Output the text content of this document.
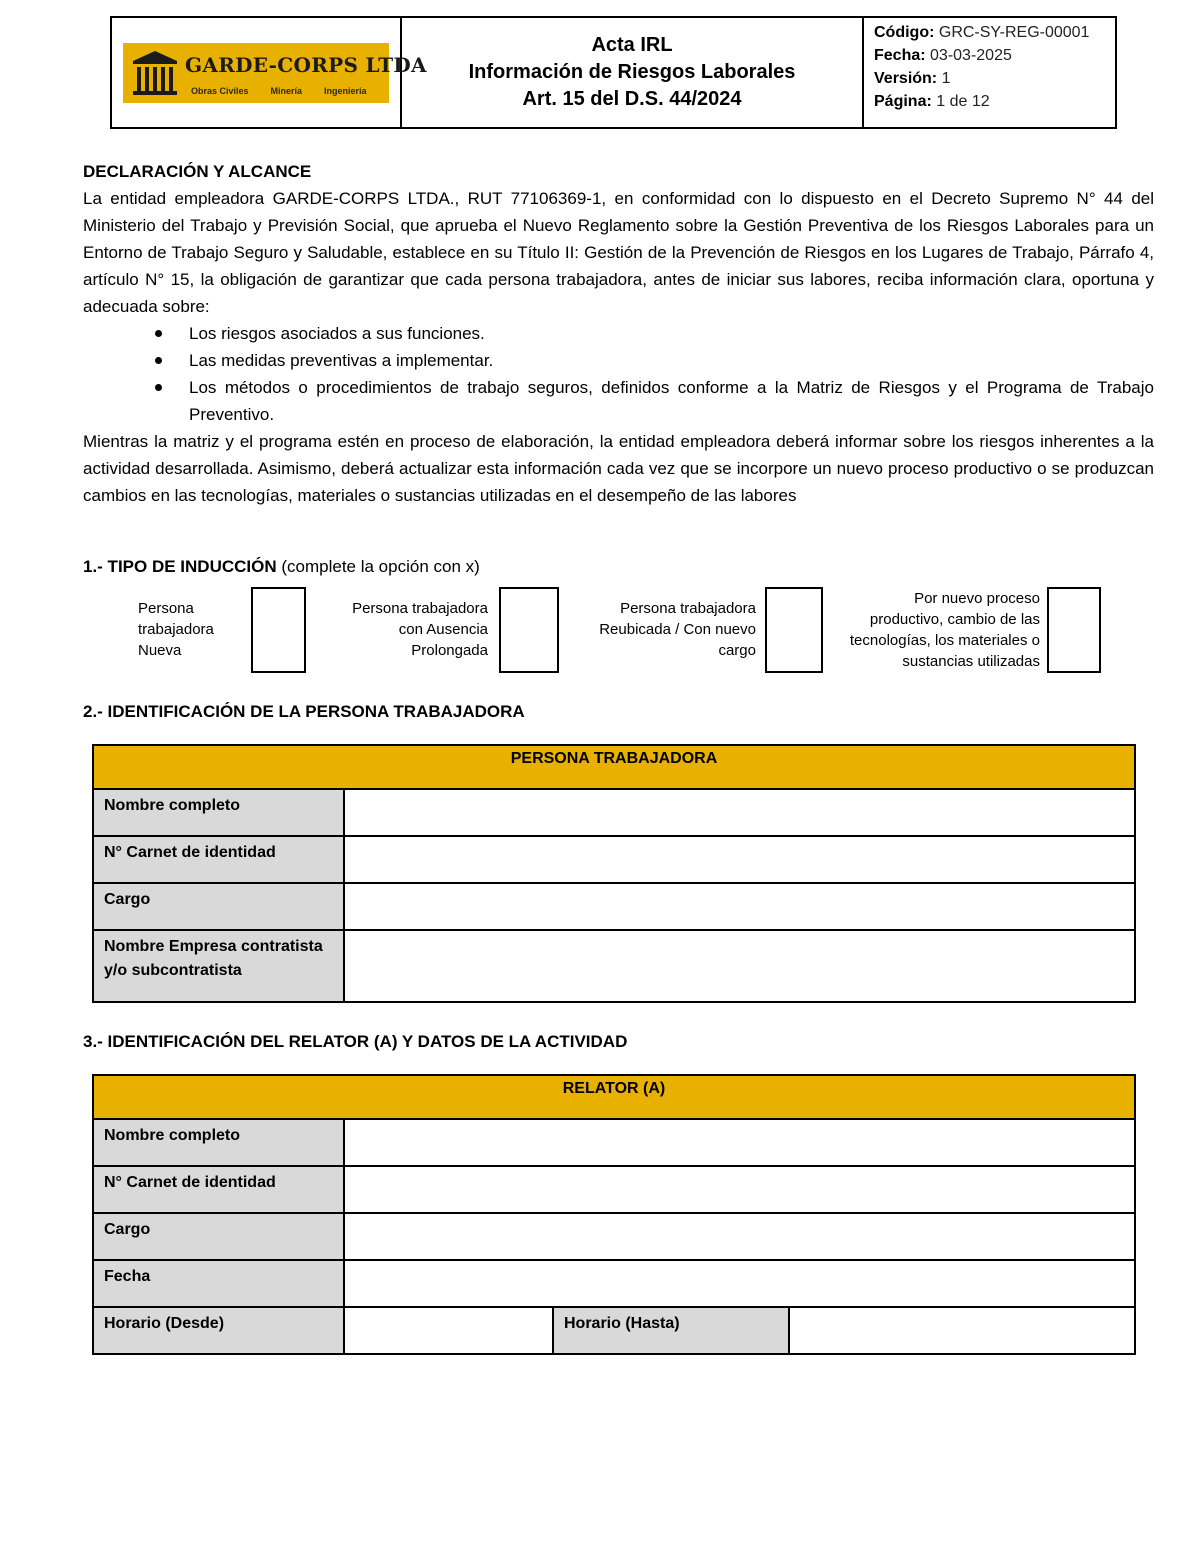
GARDE-CORPS LTDA
Obras Civiles Minería Ingeniería
Acta IRL
Información de Riesgos Laborales
Art. 15 del D.S. 44/2024
Código: GRC-SY-REG-00001
Fecha: 03-03-2025
Versión: 1
Página: 1 de 12
DECLARACIÓN Y ALCANCE
La entidad empleadora GARDE-CORPS LTDA., RUT 77106369-1, en conformidad con lo dispuesto en el Decreto Supremo N° 44 del Ministerio del Trabajo y Previsión Social, que aprueba el Nuevo Reglamento sobre la Gestión Preventiva de los Riesgos Laborales para un Entorno de Trabajo Seguro y Saludable, establece en su Título II: Gestión de la Prevención de Riesgos en los Lugares de Trabajo, Párrafo 4, artículo N° 15, la obligación de garantizar que cada persona trabajadora, antes de iniciar sus labores, reciba información clara, oportuna y adecuada sobre:
Los riesgos asociados a sus funciones.
Las medidas preventivas a implementar.
Los métodos o procedimientos de trabajo seguros, definidos conforme a la Matriz de Riesgos y el Programa de Trabajo Preventivo.
Mientras la matriz y el programa estén en proceso de elaboración, la entidad empleadora deberá informar sobre los riesgos inherentes a la actividad desarrollada. Asimismo, deberá actualizar esta información cada vez que se incorpore un nuevo proceso productivo o se produzcan cambios en las tecnologías, materiales o sustancias utilizadas en el desempeño de las labores
1.- TIPO DE INDUCCIÓN (complete la opción con x)
Persona
trabajadora
Nueva
Persona trabajadora
con Ausencia
Prolongada
Persona trabajadora
Reubicada / Con nuevo
cargo
Por nuevo proceso
productivo, cambio de las
tecnologías, los materiales o
sustancias utilizadas
2.- IDENTIFICACIÓN DE LA PERSONA TRABAJADORA
PERSONA TRABAJADORA	
Nombre completo	
N° Carnet de identidad	
Cargo	
Nombre Empresa contratista y/o subcontratista	
3.- IDENTIFICACIÓN DEL RELATOR (A) Y DATOS DE LA ACTIVIDAD
RELATOR (A)			
Nombre completo			
N° Carnet de identidad			
Cargo			
Fecha			
Horario (Desde)		Horario (Hasta)	
